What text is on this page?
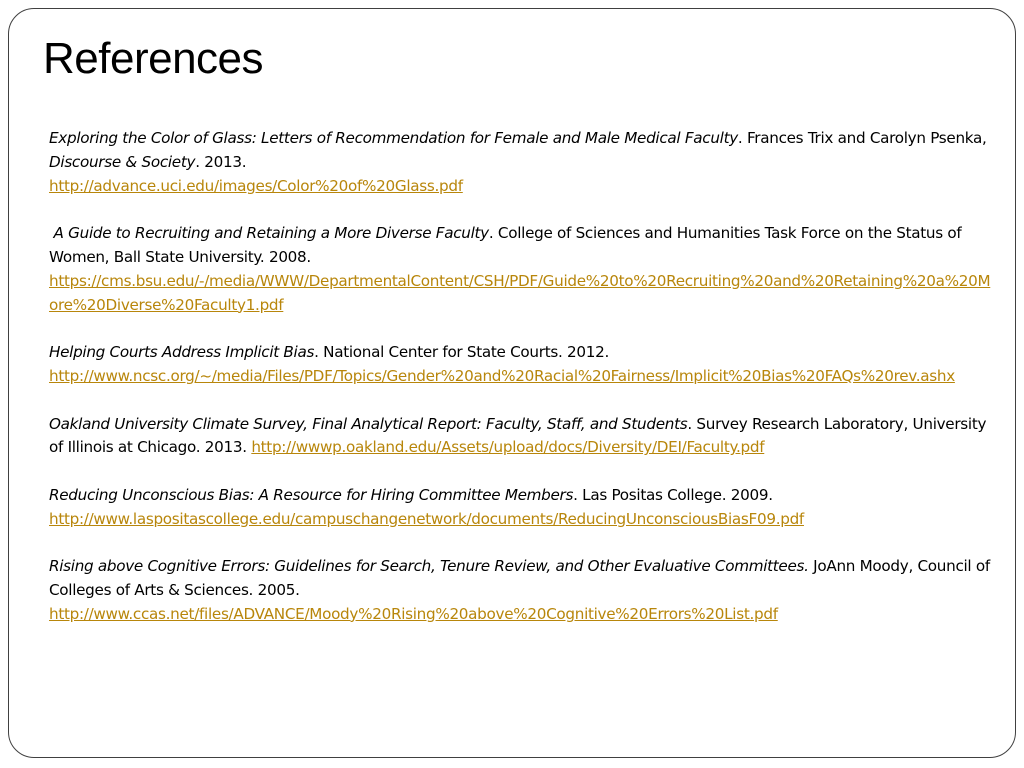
References

Exploring the Color of Glass: Letters of Recommendation for Female and Male Medical Faculty. Frances Trix and Carolyn Psenka, Discourse & Society. 2013.
http://advance.uci.edu/images/Color%20of%20Glass.pdf

A Guide to Recruiting and Retaining a More Diverse Faculty. College of Sciences and Humanities Task Force on the Status of Women, Ball State University. 2008.
https://cms.bsu.edu/-/media/WWW/DepartmentalContent/CSH/PDF/Guide%20to%20Recruiting%20and%20Retaining%20a%20More%20Diverse%20Faculty1.pdf

Helping Courts Address Implicit Bias. National Center for State Courts. 2012.
http://www.ncsc.org/~/media/Files/PDF/Topics/Gender%20and%20Racial%20Fairness/Implicit%20Bias%20FAQs%20rev.ashx

Oakland University Climate Survey, Final Analytical Report: Faculty, Staff, and Students. Survey Research Laboratory, University of Illinois at Chicago. 2013. http://wwwp.oakland.edu/Assets/upload/docs/Diversity/DEI/Faculty.pdf

Reducing Unconscious Bias: A Resource for Hiring Committee Members. Las Positas College. 2009.
http://www.laspositascollege.edu/campuschangenetwork/documents/ReducingUnconsciousBiasF09.pdf

Rising above Cognitive Errors: Guidelines for Search, Tenure Review, and Other Evaluative Committees. JoAnn Moody, Council of Colleges of Arts & Sciences. 2005.
http://www.ccas.net/files/ADVANCE/Moody%20Rising%20above%20Cognitive%20Errors%20List.pdf
